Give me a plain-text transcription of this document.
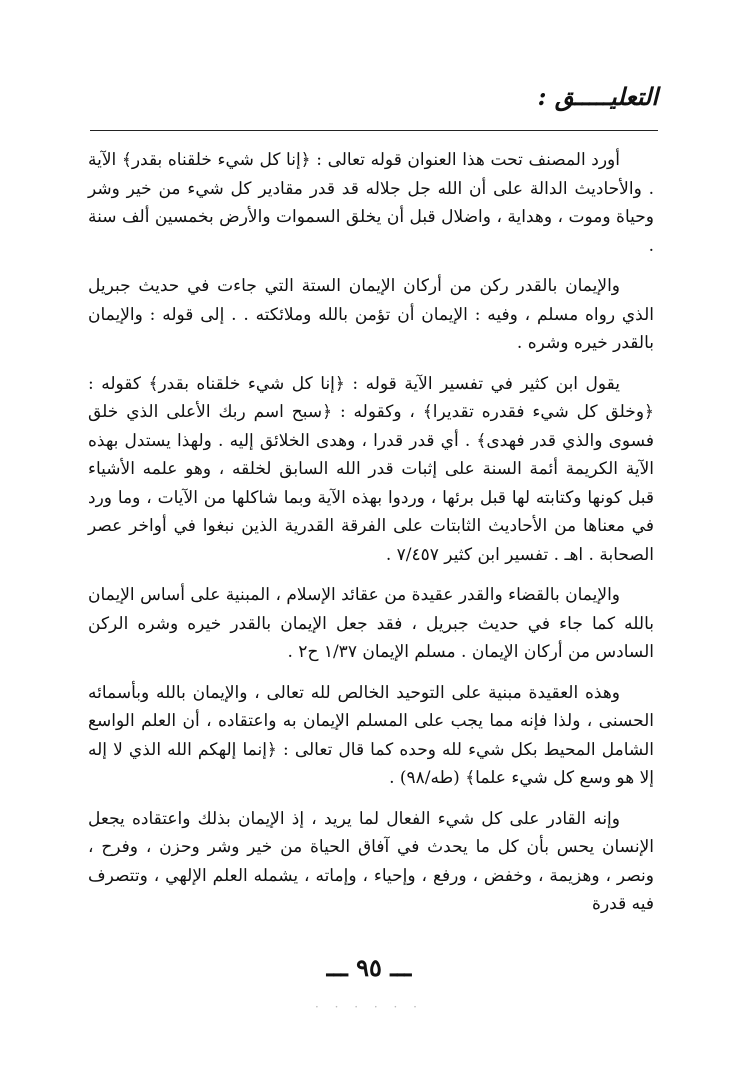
التعليـــــق :

أورد المصنف تحت هذا العنوان قوله تعالى : ﴿إنا كل شيء خلقناه بقدر﴾ الآية . والأحاديث الدالة على أن الله جل جلاله قد قدر مقادير كل شيء من خير وشر وحياة وموت ، وهداية ، واضلال قبل أن يخلق السموات والأرض بخمسين ألف سنة .

والإيمان بالقدر ركن من أركان الإيمان الستة التي جاءت في حديث جبريل الذي رواه مسلم ، وفيه : الإيمان أن تؤمن بالله وملائكته . . إلى قوله : والإيمان بالقدر خيره وشره .

يقول ابن كثير في تفسير الآية قوله : ﴿إنا كل شيء خلقناه بقدر﴾ كقوله : ﴿وخلق كل شيء فقدره تقديرا﴾ ، وكقوله : ﴿سبح اسم ربك الأعلى الذي خلق فسوى والذي قدر فهدى﴾ . أي قدر قدرا ، وهدى الخلائق إليه . ولهذا يستدل بهذه الآية الكريمة أئمة السنة على إثبات قدر الله السابق لخلقه ، وهو علمه الأشياء قبل كونها وكتابته لها قبل برئها ، وردوا بهذه الآية وبما شاكلها من الآيات ، وما ورد في معناها من الأحاديث الثابتات على الفرقة القدرية الذين نبغوا في أواخر عصر الصحابة . اهـ . تفسير ابن كثير ٧/٤٥٧ .

والإيمان بالقضاء والقدر عقيدة من عقائد الإسلام ، المبنية على أساس الإيمان بالله كما جاء في حديث جبريل ، فقد جعل الإيمان بالقدر خيره وشره الركن السادس من أركان الإيمان . مسلم الإيمان ١/٣٧ ح٢ .

وهذه العقيدة مبنية على التوحيد الخالص لله تعالى ، والإيمان بالله وبأسمائه الحسنى ، ولذا فإنه مما يجب على المسلم الإيمان به واعتقاده ، أن العلم الواسع الشامل المحيط بكل شيء لله وحده كما قال تعالى : ﴿إنما إلهكم الله الذي لا إله إلا هو وسع كل شيء علما﴾ (طه/٩٨) .

وإنه القادر على كل شيء الفعال لما يريد ، إذ الإيمان بذلك واعتقاده يجعل الإنسان يحس بأن كل ما يحدث في آفاق الحياة من خير وشر وحزن ، وفرح ، ونصر ، وهزيمة ، وخفض ، ورفع ، وإحياء ، وإماته ، يشمله العلم الإلهي ، وتتصرف فيه قدرة

ـــ ٩٥ ـــ
· · · · · ·
